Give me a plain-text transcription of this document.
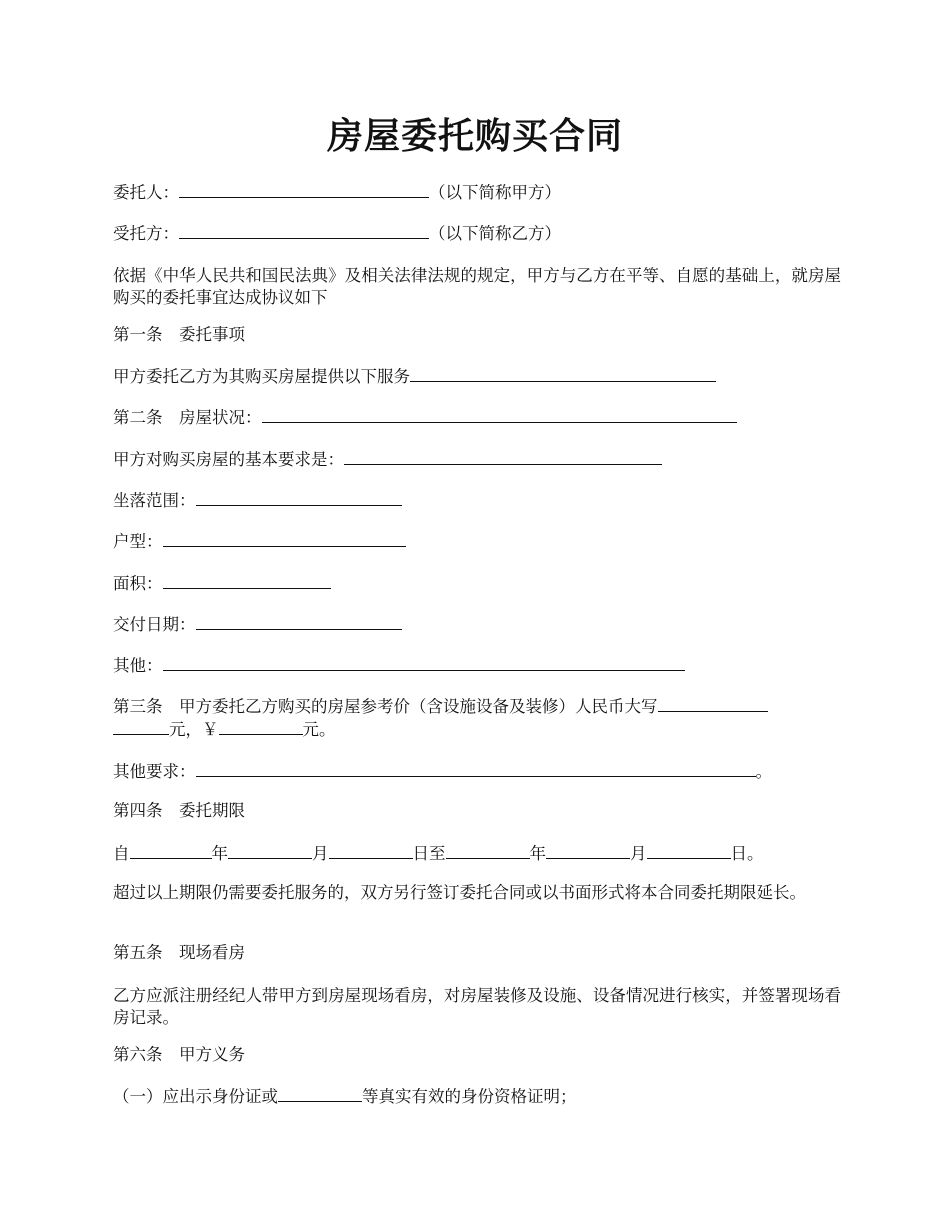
房屋委托购买合同
委托人：	（以下简称甲方）
受托方：	（以下简称乙方）
依据《中华人民共和国民法典》及相关法律法规的规定，甲方与乙方在平等、自愿的基础上，就房屋购买的委托事宜达成协议如下
第一条　委托事项
甲方委托乙方为其购买房屋提供以下服务
第二条　房屋状况：
甲方对购买房屋的基本要求是：
坐落范围：
户型：
面积：
交付日期：
其他：
第三条　甲方委托乙方购买的房屋参考价（含设施设备及装修）人民币大写
元，￥	元。
其他要求：	。
第四条　委托期限
自	年	月	日至	年	月	日。
超过以上期限仍需要委托服务的，双方另行签订委托合同或以书面形式将本合同委托期限延长。
第五条　现场看房
乙方应派注册经纪人带甲方到房屋现场看房，对房屋装修及设施、设备情况进行核实，并签署现场看房记录。
第六条　甲方义务
（一）应出示身份证或	等真实有效的身份资格证明；
